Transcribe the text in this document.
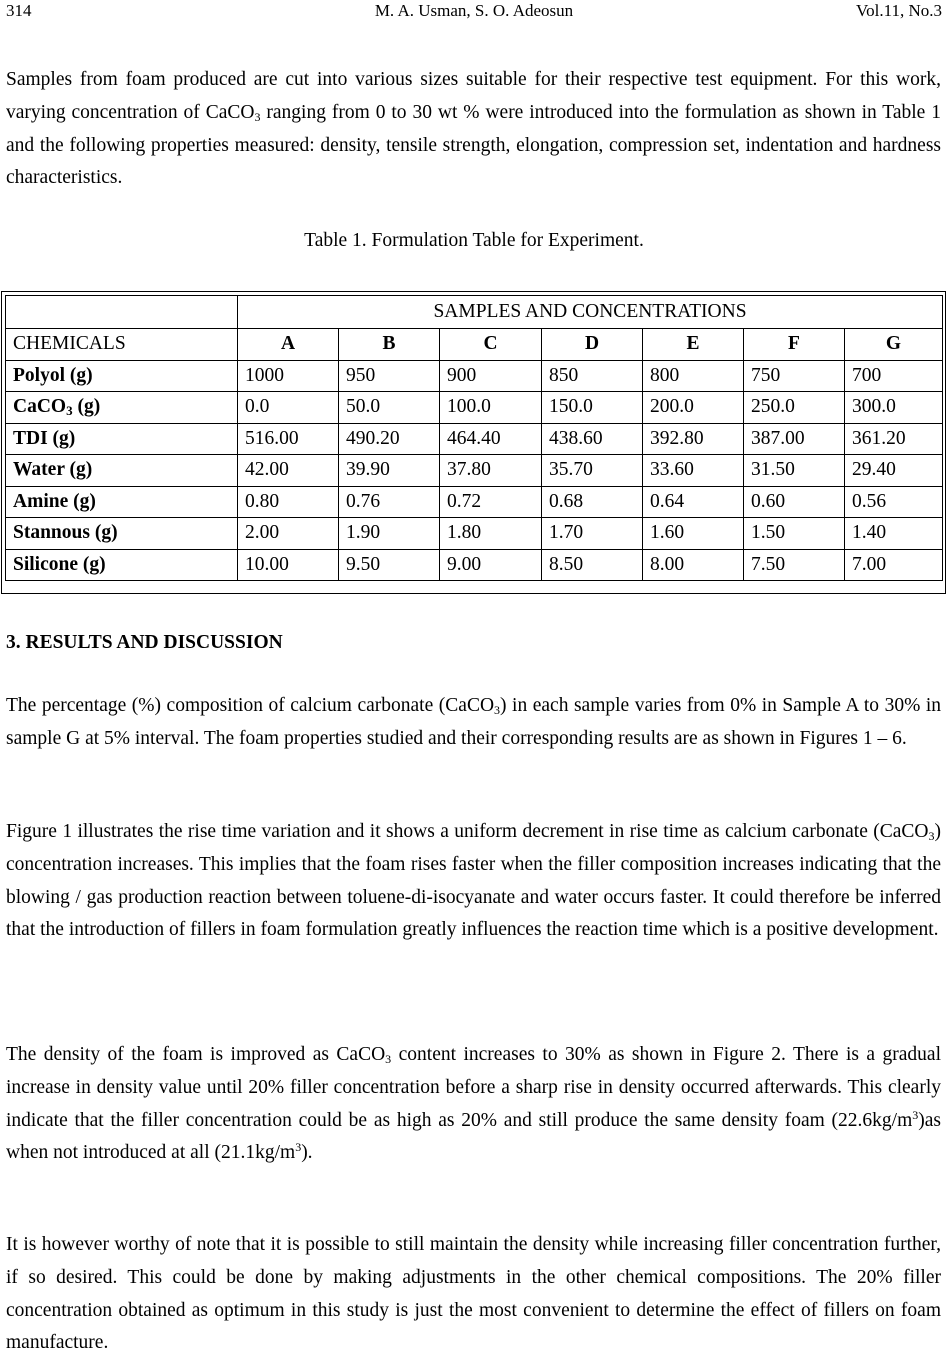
314	M. A. Usman, S. O. Adeosun	Vol.11, No.3

Samples from foam produced are cut into various sizes suitable for their respective test equipment. For this work, varying concentration of CaCO$_3$ ranging from 0 to 30 wt % were introduced into the formulation as shown in Table 1 and the following properties measured: density, tensile strength, elongation, compression set, indentation and hardness characteristics.

Table 1. Formulation Table for Experiment.
	SAMPLES AND CONCENTRATIONS						
CHEMICALS	A	B	C	D	E	F	G
Polyol (g)	1000	950	900	850	800	750	700
CaCO$_3$ (g)	0.0	50.0	100.0	150.0	200.0	250.0	300.0
TDI (g)	516.00	490.20	464.40	438.60	392.80	387.00	361.20
Water (g)	42.00	39.90	37.80	35.70	33.60	31.50	29.40
Amine (g)	0.80	0.76	0.72	0.68	0.64	0.60	0.56
Stannous (g)	2.00	1.90	1.80	1.70	1.60	1.50	1.40
Silicone (g)	10.00	9.50	9.00	8.50	8.00	7.50	7.00
3. RESULTS AND DISCUSSION

The percentage (%) composition of calcium carbonate (CaCO$_3$) in each sample varies from 0% in Sample A to 30% in sample G at 5% interval. The foam properties studied and their corresponding results are as shown in Figures 1 – 6.

Figure 1 illustrates the rise time variation and it shows a uniform decrement in rise time as calcium carbonate (CaCO$_3$) concentration increases. This implies that the foam rises faster when the filler composition increases indicating that the blowing / gas production reaction between toluene-di-isocyanate and water occurs faster. It could therefore be inferred that the introduction of fillers in foam formulation greatly influences the reaction time which is a positive development.

The density of the foam is improved as CaCO$_3$ content increases to 30% as shown in Figure 2. There is a gradual increase in density value until 20% filler concentration before a sharp rise in density occurred afterwards. This clearly indicate that the filler concentration could be as high as 20% and still produce the same density foam $(22.6kg/m^3)as$ when not introduced at all $(21.1kg/m^3)$.

It is however worthy of note that it is possible to still maintain the density while increasing filler concentration further, if so desired. This could be done by making adjustments in the other chemical compositions. The 20% filler concentration obtained as optimum in this study is just the most convenient to determine the effect of fillers on foam manufacture.
